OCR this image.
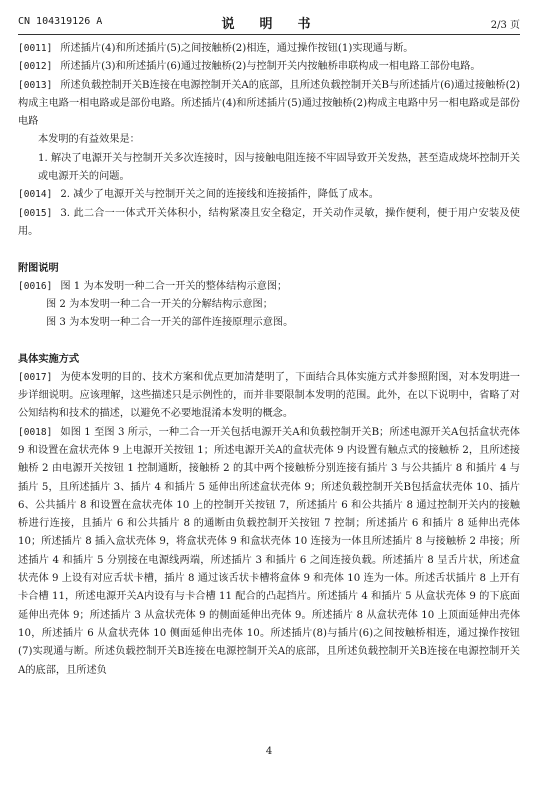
CN 104319126 A	说　明　书	2/3 页

[0011] 所述插片(4)和所述插片(5)之间按触桥(2)相连，通过操作按钮(1)实现通与断。

[0012] 所述插片(3)和所述插片(6)通过按触桥(2)与控制开关内按触桥串联构成一相电路工部份电路。

[0013] 所述负载控制开关B连接在电源控制开关A的底部，且所述负载控制开关B与所述插片(6)通过接触桥(2)构成主电路一相电路或是部份电路。所述插片(4)和所述插片(5)通过按触桥(2)构成主电路中另一相电路或是部份电路

本发明的有益效果是：

1. 解决了电源开关与控制开关多次连接时，因与接触电阻连接不牢固导致开关发热，甚至造成烧坏控制开关或电源开关的问题。

[0014] 2. 减少了电源开关与控制开关之间的连接线和连接插件，降低了成本。

[0015] 3. 此二合一一体式开关体积小，结构紧凑且安全稳定，开关动作灵敏，操作便利，便于用户安装及使用。

附图说明

[0016] 图 1 为本发明一种二合一开关的整体结构示意图；

图 2 为本发明一种二合一开关的分解结构示意图；

图 3 为本发明一种二合一开关的部件连接原理示意图。

具体实施方式

[0017] 为使本发明的目的、技术方案和优点更加清楚明了，下面结合具体实施方式并参照附图，对本发明进一步详细说明。应该理解，这些描述只是示例性的，而并非要限制本发明的范围。此外，在以下说明中，省略了对公知结构和技术的描述，以避免不必要地混淆本发明的概念。

[0018] 如图 1 至图 3 所示，一种二合一开关包括电源开关A和负载控制开关B；所述电源开关A包括盒状壳体 9 和设置在盒状壳体 9 上电源开关按钮 1；所述电源开关A的盒状壳体 9 内设置有触点式的接触桥 2，且所述接触桥 2 由电源开关按钮 1 控制通断，接触桥 2 的其中两个接触桥分别连接有插片 3 与公共插片 8 和插片 4 与插片 5，且所述插片 3、插片 4 和插片 5 延伸出所述盒状壳体 9；所述负载控制开关B包括盒状壳体 10、插片 6、公共插片 8 和设置在盒状壳体 10 上的控制开关按钮 7，所述插片 6 和公共插片 8 通过控制开关内的接触桥进行连接，且插片 6 和公共插片 8 的通断由负载控制开关按钮 7 控制；所述插片 6 和插片 8 延伸出壳体 10；所述插片 8 插入盒状壳体 9，将盒状壳体 9 和盒状壳体 10 连接为一体且所述插片 8 与接触桥 2 串接；所述插片 4 和插片 5 分别接在电源线两端，所述插片 3 和插片 6 之间连接负载。所述插片 8 呈舌片状，所述盒状壳体 9 上设有对应舌状卡槽，插片 8 通过该舌状卡槽将盒体 9 和壳体 10 连为一体。所述舌状插片 8 上开有卡合槽 11，所述电源开关A内设有与卡合槽 11 配合的凸起挡片。所述插片 4 和插片 5 从盒状壳体 9 的下底面延伸出壳体 9；所述插片 3 从盒状壳体 9 的侧面延伸出壳体 9。所述插片 8 从盒状壳体 10 上顶面延伸出壳体 10，所述插片 6 从盒状壳体 10 侧面延伸出壳体 10。所述插片(8)与插片(6)之间按触桥相连，通过操作按钮(7)实现通与断。所述负载控制开关B连接在电源控制开关A的底部，且所述负载控制开关B连接在电源控制开关A的底部，且所述负

4
